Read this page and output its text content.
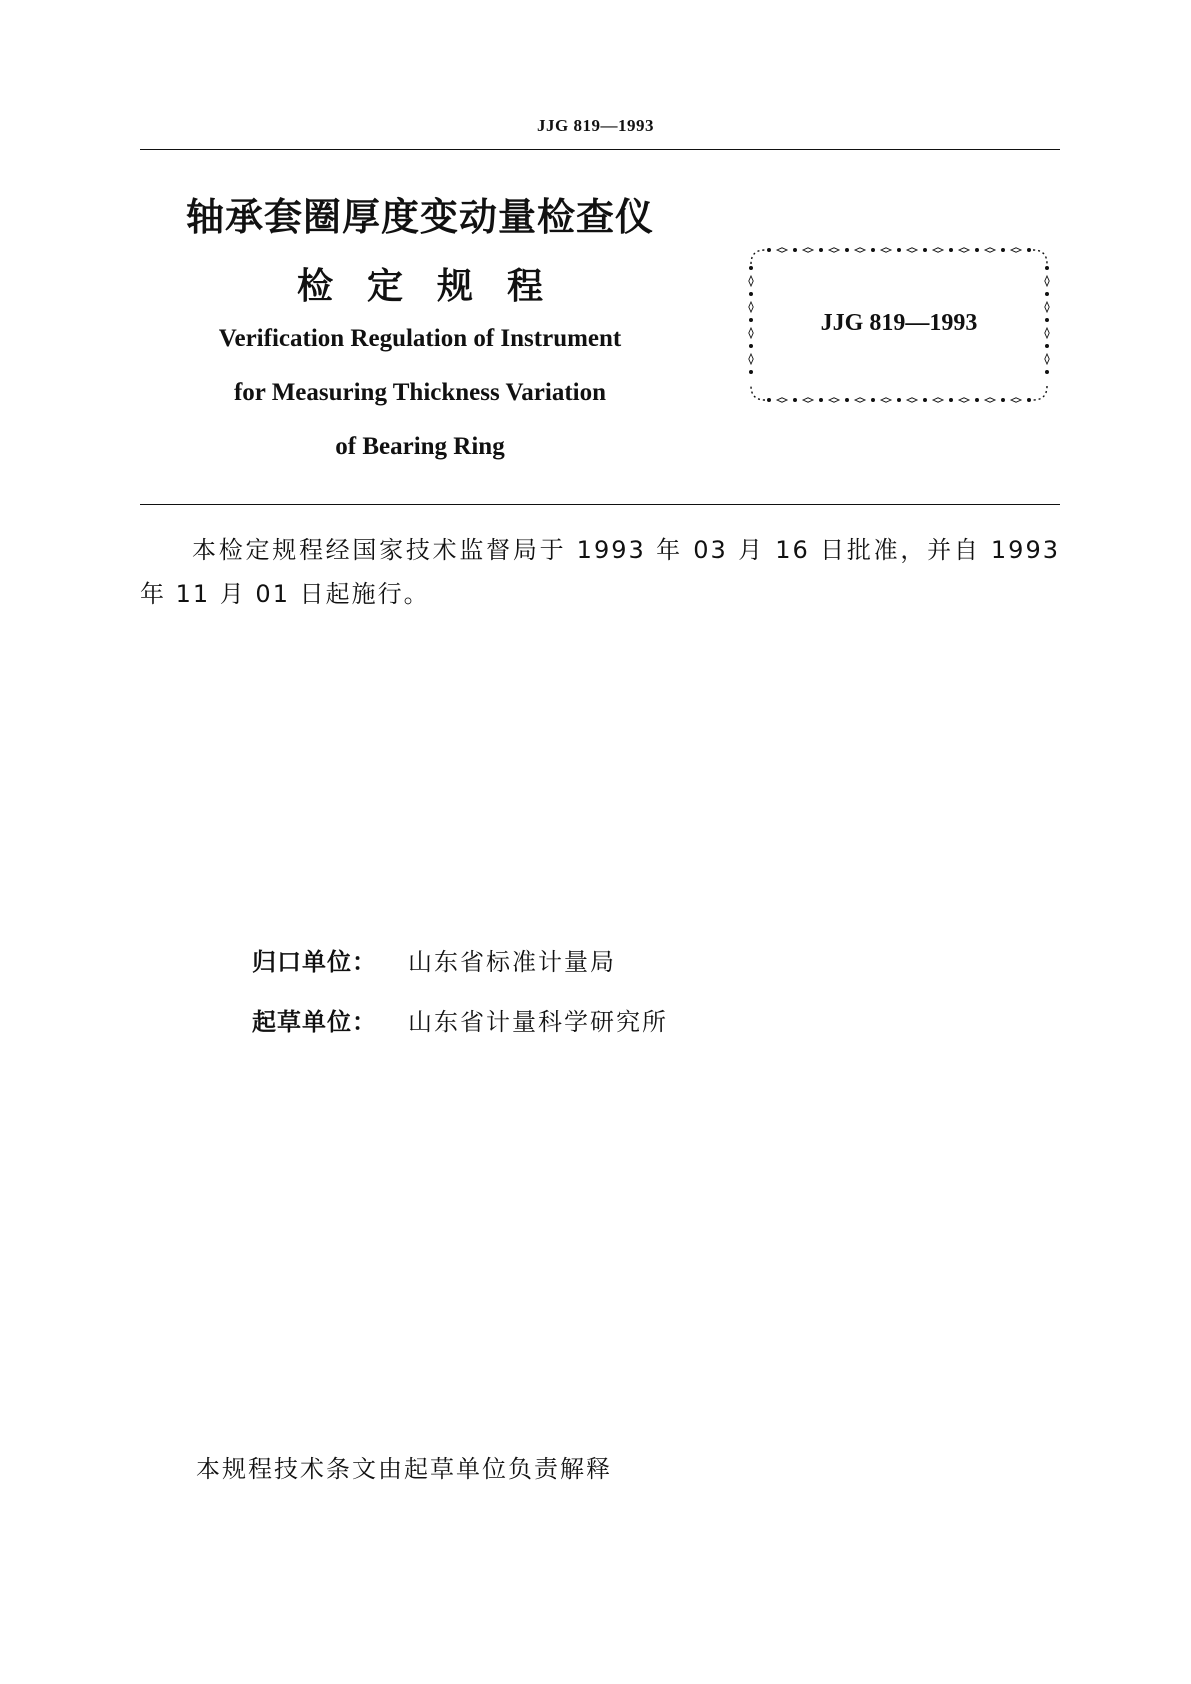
JJG 819—1993
轴承套圈厚度变动量检查仪
检定规程
Verification Regulation of Instrument
for Measuring Thickness Variation
of Bearing Ring
JJG 819—1993
本检定规程经国家技术监督局于 1993 年 03 月 16 日批准，并自 1993 年 11 月 01 日起施行。
归口单位： 山东省标准计量局
起草单位： 山东省计量科学研究所
本规程技术条文由起草单位负责解释
